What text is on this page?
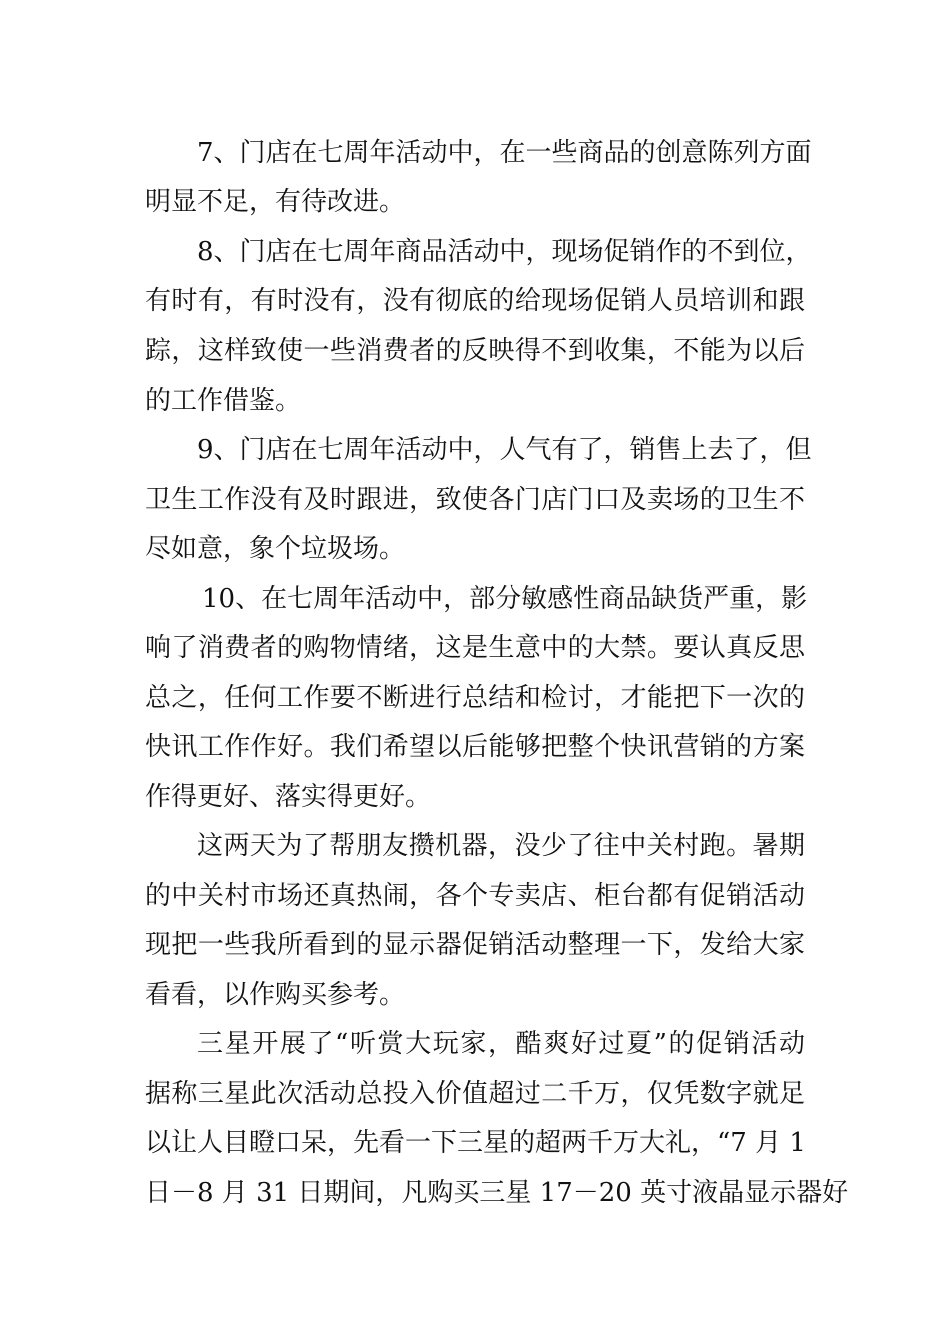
7、门店在七周年活动中，在一些商品的创意陈列方面
明显不足，有待改进。
8、门店在七周年商品活动中，现场促销作的不到位，
有时有，有时没有，没有彻底的给现场促销人员培训和跟
踪，这样致使一些消费者的反映得不到收集，不能为以后
的工作借鉴。
9、门店在七周年活动中，人气有了，销售上去了，但
卫生工作没有及时跟进，致使各门店门口及卖场的卫生不
尽如意，象个垃圾场。
10、在七周年活动中，部分敏感性商品缺货严重，影
响了消费者的购物情绪，这是生意中的大禁。要认真反思
总之，任何工作要不断进行总结和检讨，才能把下一次的
快讯工作作好。我们希望以后能够把整个快讯营销的方案
作得更好、落实得更好。
这两天为了帮朋友攒机器，没少了往中关村跑。暑期
的中关村市场还真热闹，各个专卖店、柜台都有促销活动
现把一些我所看到的显示器促销活动整理一下，发给大家
看看，以作购买参考。
三星开展了“听赏大玩家，酷爽好过夏”的促销活动
据称三星此次活动总投入价值超过二千万，仅凭数字就足
以让人目瞪口呆，先看一下三星的超两千万大礼，“7 月 1
日－8 月 31 日期间，凡购买三星 17－20 英寸液晶显示器好
